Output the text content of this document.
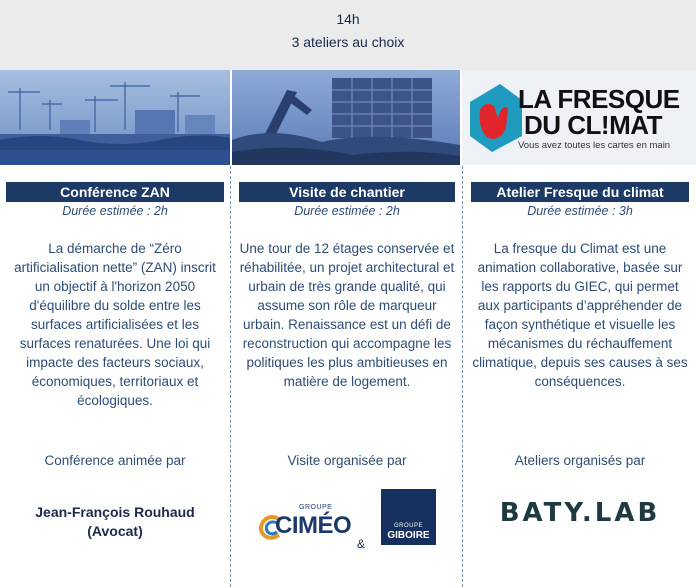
14h
3 ateliers au choix
LA FRESQUE
DU CL!MAT
Vous avez toutes les cartes en main
Conférence ZAN
Durée estimée : 2h
La démarche de “Zéro artificialisation nette” (ZAN) inscrit un objectif à l'horizon 2050 d'équilibre du solde entre les surfaces artificialisées et les surfaces renaturées. Une loi qui impacte des facteurs sociaux, économiques, territoriaux et écologiques.
Conférence animée par
Jean-François Rouhaud
(Avocat)
Visite de chantier
Durée estimée : 2h
Une tour de 12 étages conservée et réhabilitée, un projet architectural et urbain de très grande qualité, qui assume son rôle de marqueur urbain. Renaissance est un défi de reconstruction qui accompagne les politiques les plus ambitieuses en matière de logement.
Visite organisée par
GROUPE
CIMÉO
&
GROUPE
GIBOIRE
Atelier Fresque du climat
Durée estimée : 3h
La fresque du Climat est une animation collaborative, basée sur les rapports du GIEC, qui permet aux participants d’appréhender de façon synthétique et visuelle les mécanismes du réchauffement climatique, depuis ses causes à ses conséquences.
Ateliers organisés par
BATY.LAB
